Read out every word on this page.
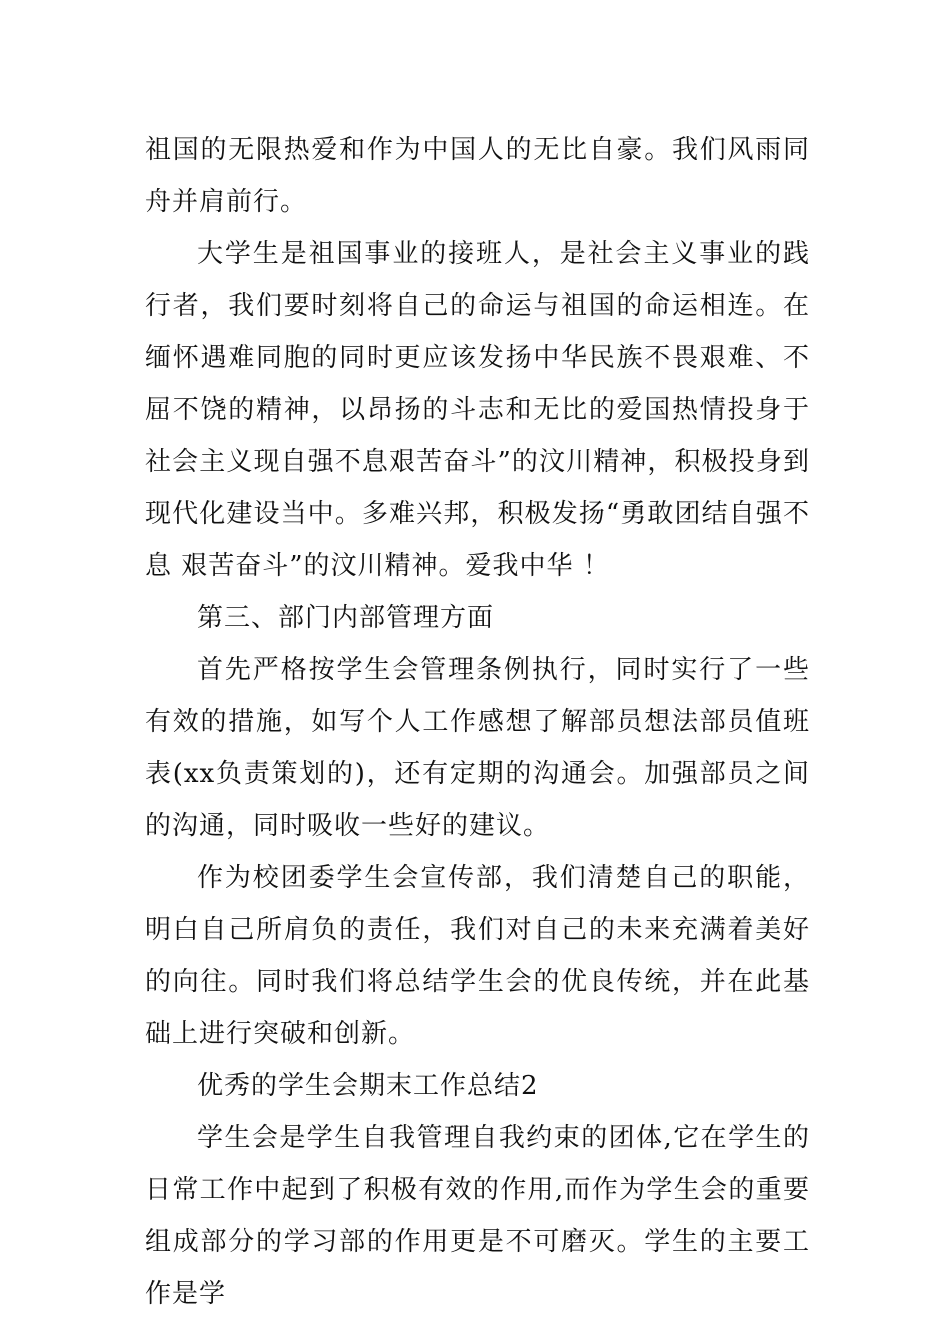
祖国的无限热爱和作为中国人的无比自豪。我们风雨同舟并肩前行。

大学生是祖国事业的接班人，是社会主义事业的践行者，我们要时刻将自己的命运与祖国的命运相连。在缅怀遇难同胞的同时更应该发扬中华民族不畏艰难、不屈不饶的精神，以昂扬的斗志和无比的爱国热情投身于社会主义现自强不息艰苦奋斗”的汶川精神，积极投身到现代化建设当中。多难兴邦，积极发扬“勇敢团结自强不息 艰苦奋斗”的汶川精神。爱我中华 ！

第三、部门内部管理方面

首先严格按学生会管理条例执行，同时实行了一些有效的措施，如写个人工作感想了解部员想法部员值班表(xx负责策划的)，还有定期的沟通会。加强部员之间的沟通，同时吸收一些好的建议。

作为校团委学生会宣传部，我们清楚自己的职能，明白自己所肩负的责任，我们对自己的未来充满着美好的向往。同时我们将总结学生会的优良传统，并在此基础上进行突破和创新。

优秀的学生会期末工作总结2

学生会是学生自我管理自我约束的团体,它在学生的日常工作中起到了积极有效的作用,而作为学生会的重要组成部分的学习部的作用更是不可磨灭。学生的主要工作是学
